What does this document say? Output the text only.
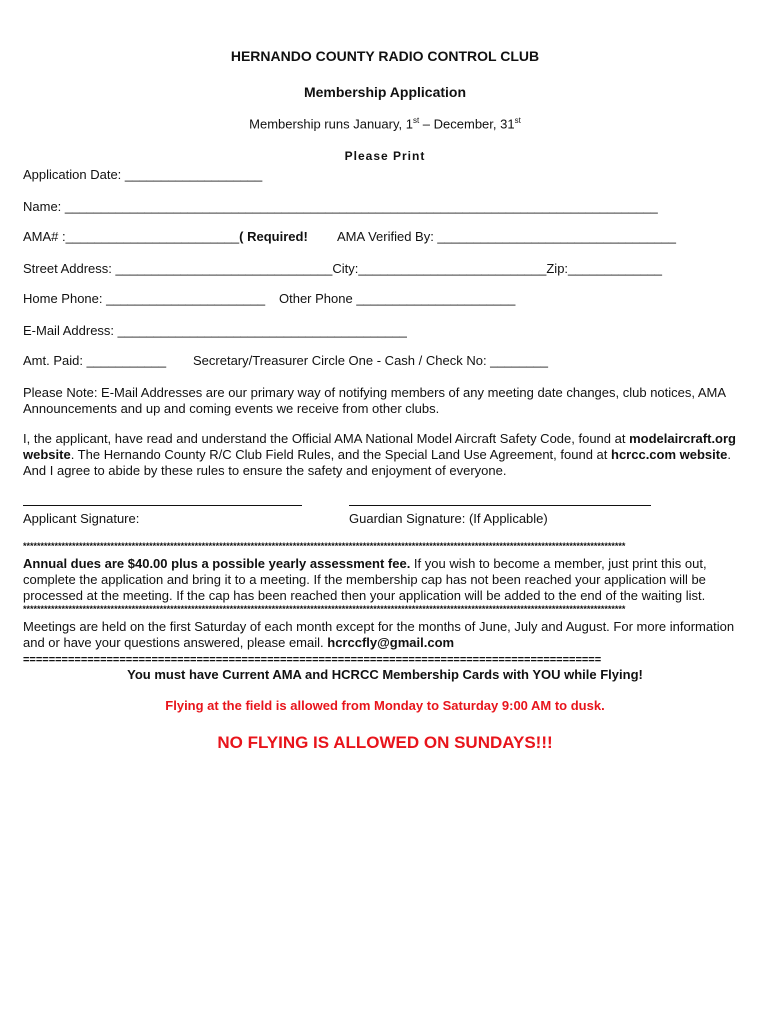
HERNANDO COUNTY RADIO CONTROL CLUB
Membership Application
Membership runs January, 1st – December, 31st
Please Print
Application Date: ___________________
Name: __________________________________________________________________________________
AMA# :________________________( Required! AMA Verified By: _________________________________
Street Address: ______________________________City:__________________________Zip:_____________
Home Phone: ______________________ Other Phone ______________________
E-Mail Address: ________________________________________
Amt. Paid: ___________ Secretary/Treasurer Circle One - Cash / Check No: ________
Please Note: E-Mail Addresses are our primary way of notifying members of any meeting date changes, club notices, AMA Announcements and up and coming events we receive from other clubs.
I, the applicant, have read and understand the Official AMA National Model Aircraft Safety Code, found at modelaircraft.org website. The Hernando County R/C Club Field Rules, and the Special Land Use Agreement, found at hcrcc.com website. And I agree to abide by these rules to ensure the safety and enjoyment of everyone.
Applicant Signature:	Guardian Signature: (If Applicable)
****************************************************************************************************************************************************************************
Annual dues are $40.00 plus a possible yearly assessment fee. If you wish to become a member, just print this out, complete the application and bring it to a meeting. If the membership cap has not been reached your application will be processed at the meeting. If the cap has been reached then your application will be added to the end of the waiting list.
****************************************************************************************************************************************************************************
Meetings are held on the first Saturday of each month except for the months of June, July and August. For more information and or have your questions answered, please email. hcrccfly@gmail.com
==========================================================================================
You must have Current AMA and HCRCC Membership Cards with YOU while Flying!
Flying at the field is allowed from Monday to Saturday 9:00 AM to dusk.
NO FLYING IS ALLOWED ON SUNDAYS!!!
